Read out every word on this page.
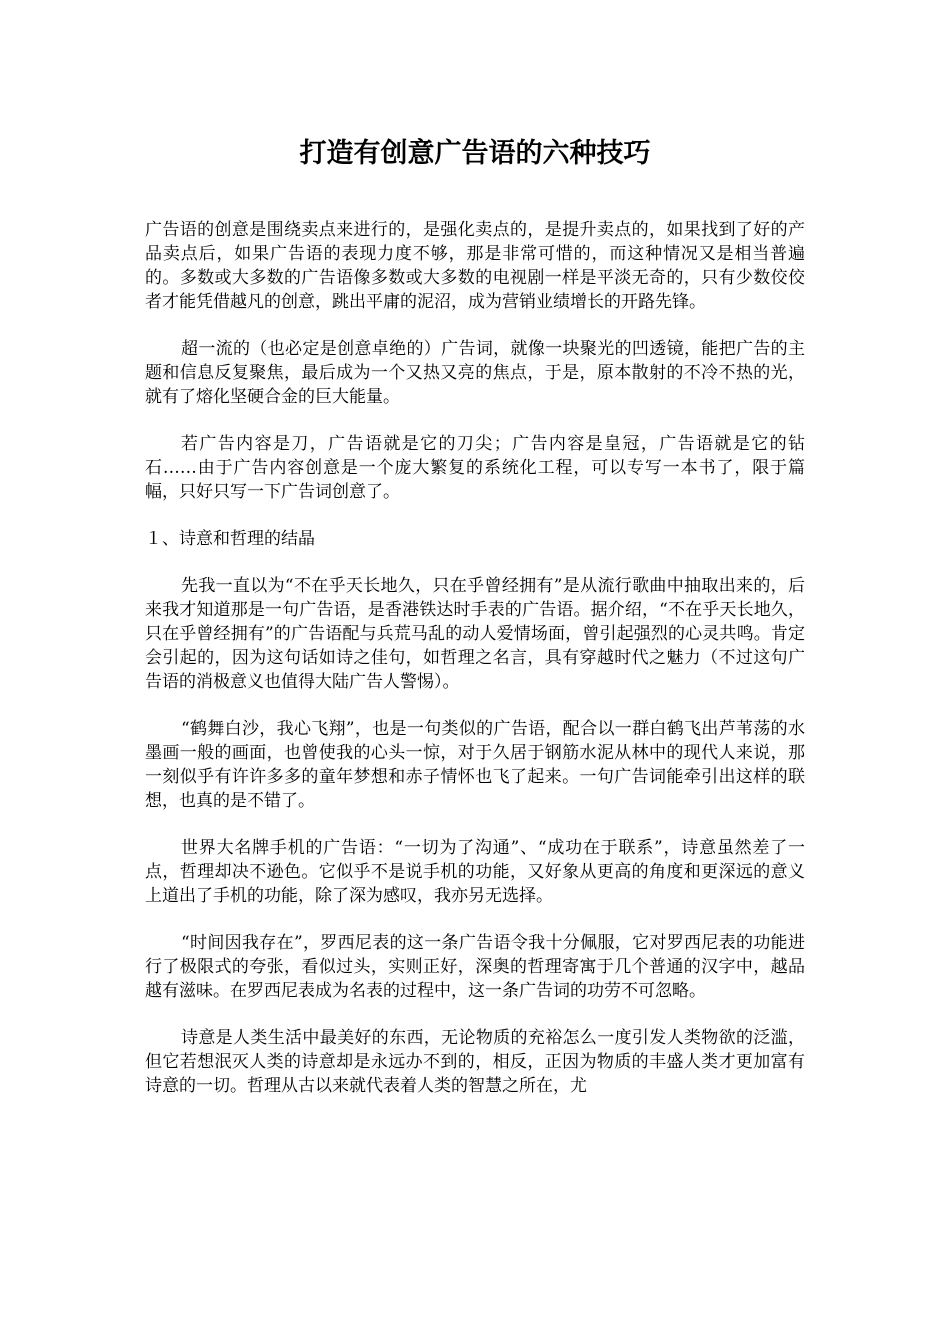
打造有创意广告语的六种技巧

广告语的创意是围绕卖点来进行的，是强化卖点的，是提升卖点的，如果找到了好的产品卖点后，如果广告语的表现力度不够，那是非常可惜的，而这种情况又是相当普遍的。多数或大多数的广告语像多数或大多数的电视剧一样是平淡无奇的，只有少数佼佼者才能凭借越凡的创意，跳出平庸的泥沼，成为营销业绩增长的开路先锋。

超一流的（也必定是创意卓绝的）广告词，就像一块聚光的凹透镜，能把广告的主题和信息反复聚焦，最后成为一个又热又亮的焦点，于是，原本散射的不冷不热的光，就有了熔化坚硬合金的巨大能量。

若广告内容是刀，广告语就是它的刀尖；广告内容是皇冠，广告语就是它的钻石……由于广告内容创意是一个庞大繁复的系统化工程，可以专写一本书了，限于篇幅，只好只写一下广告词创意了。

１、诗意和哲理的结晶

先我一直以为“不在乎天长地久，只在乎曾经拥有”是从流行歌曲中抽取出来的，后来我才知道那是一句广告语，是香港铁达时手表的广告语。据介绍，“不在乎天长地久，只在乎曾经拥有”的广告语配与兵荒马乱的动人爱情场面，曾引起强烈的心灵共鸣。肯定会引起的，因为这句话如诗之佳句，如哲理之名言，具有穿越时代之魅力（不过这句广告语的消极意义也值得大陆广告人警惕）。

“鹤舞白沙，我心飞翔”，也是一句类似的广告语，配合以一群白鹤飞出芦苇荡的水墨画一般的画面，也曾使我的心头一惊，对于久居于钢筋水泥从林中的现代人来说，那一刻似乎有许许多多的童年梦想和赤子情怀也飞了起来。一句广告词能牵引出这样的联想，也真的是不错了。

世界大名牌手机的广告语：“一切为了沟通”、“成功在于联系”，诗意虽然差了一点，哲理却决不逊色。它似乎不是说手机的功能，又好象从更高的角度和更深远的意义上道出了手机的功能，除了深为感叹，我亦另无选择。

“时间因我存在”，罗西尼表的这一条广告语令我十分佩服，它对罗西尼表的功能进行了极限式的夸张，看似过头，实则正好，深奥的哲理寄寓于几个普通的汉字中，越品越有滋味。在罗西尼表成为名表的过程中，这一条广告词的功劳不可忽略。

诗意是人类生活中最美好的东西，无论物质的充裕怎么一度引发人类物欲的泛滥，但它若想泯灭人类的诗意却是永远办不到的，相反，正因为物质的丰盛人类才更加富有诗意的一切。哲理从古以来就代表着人类的智慧之所在，尤
